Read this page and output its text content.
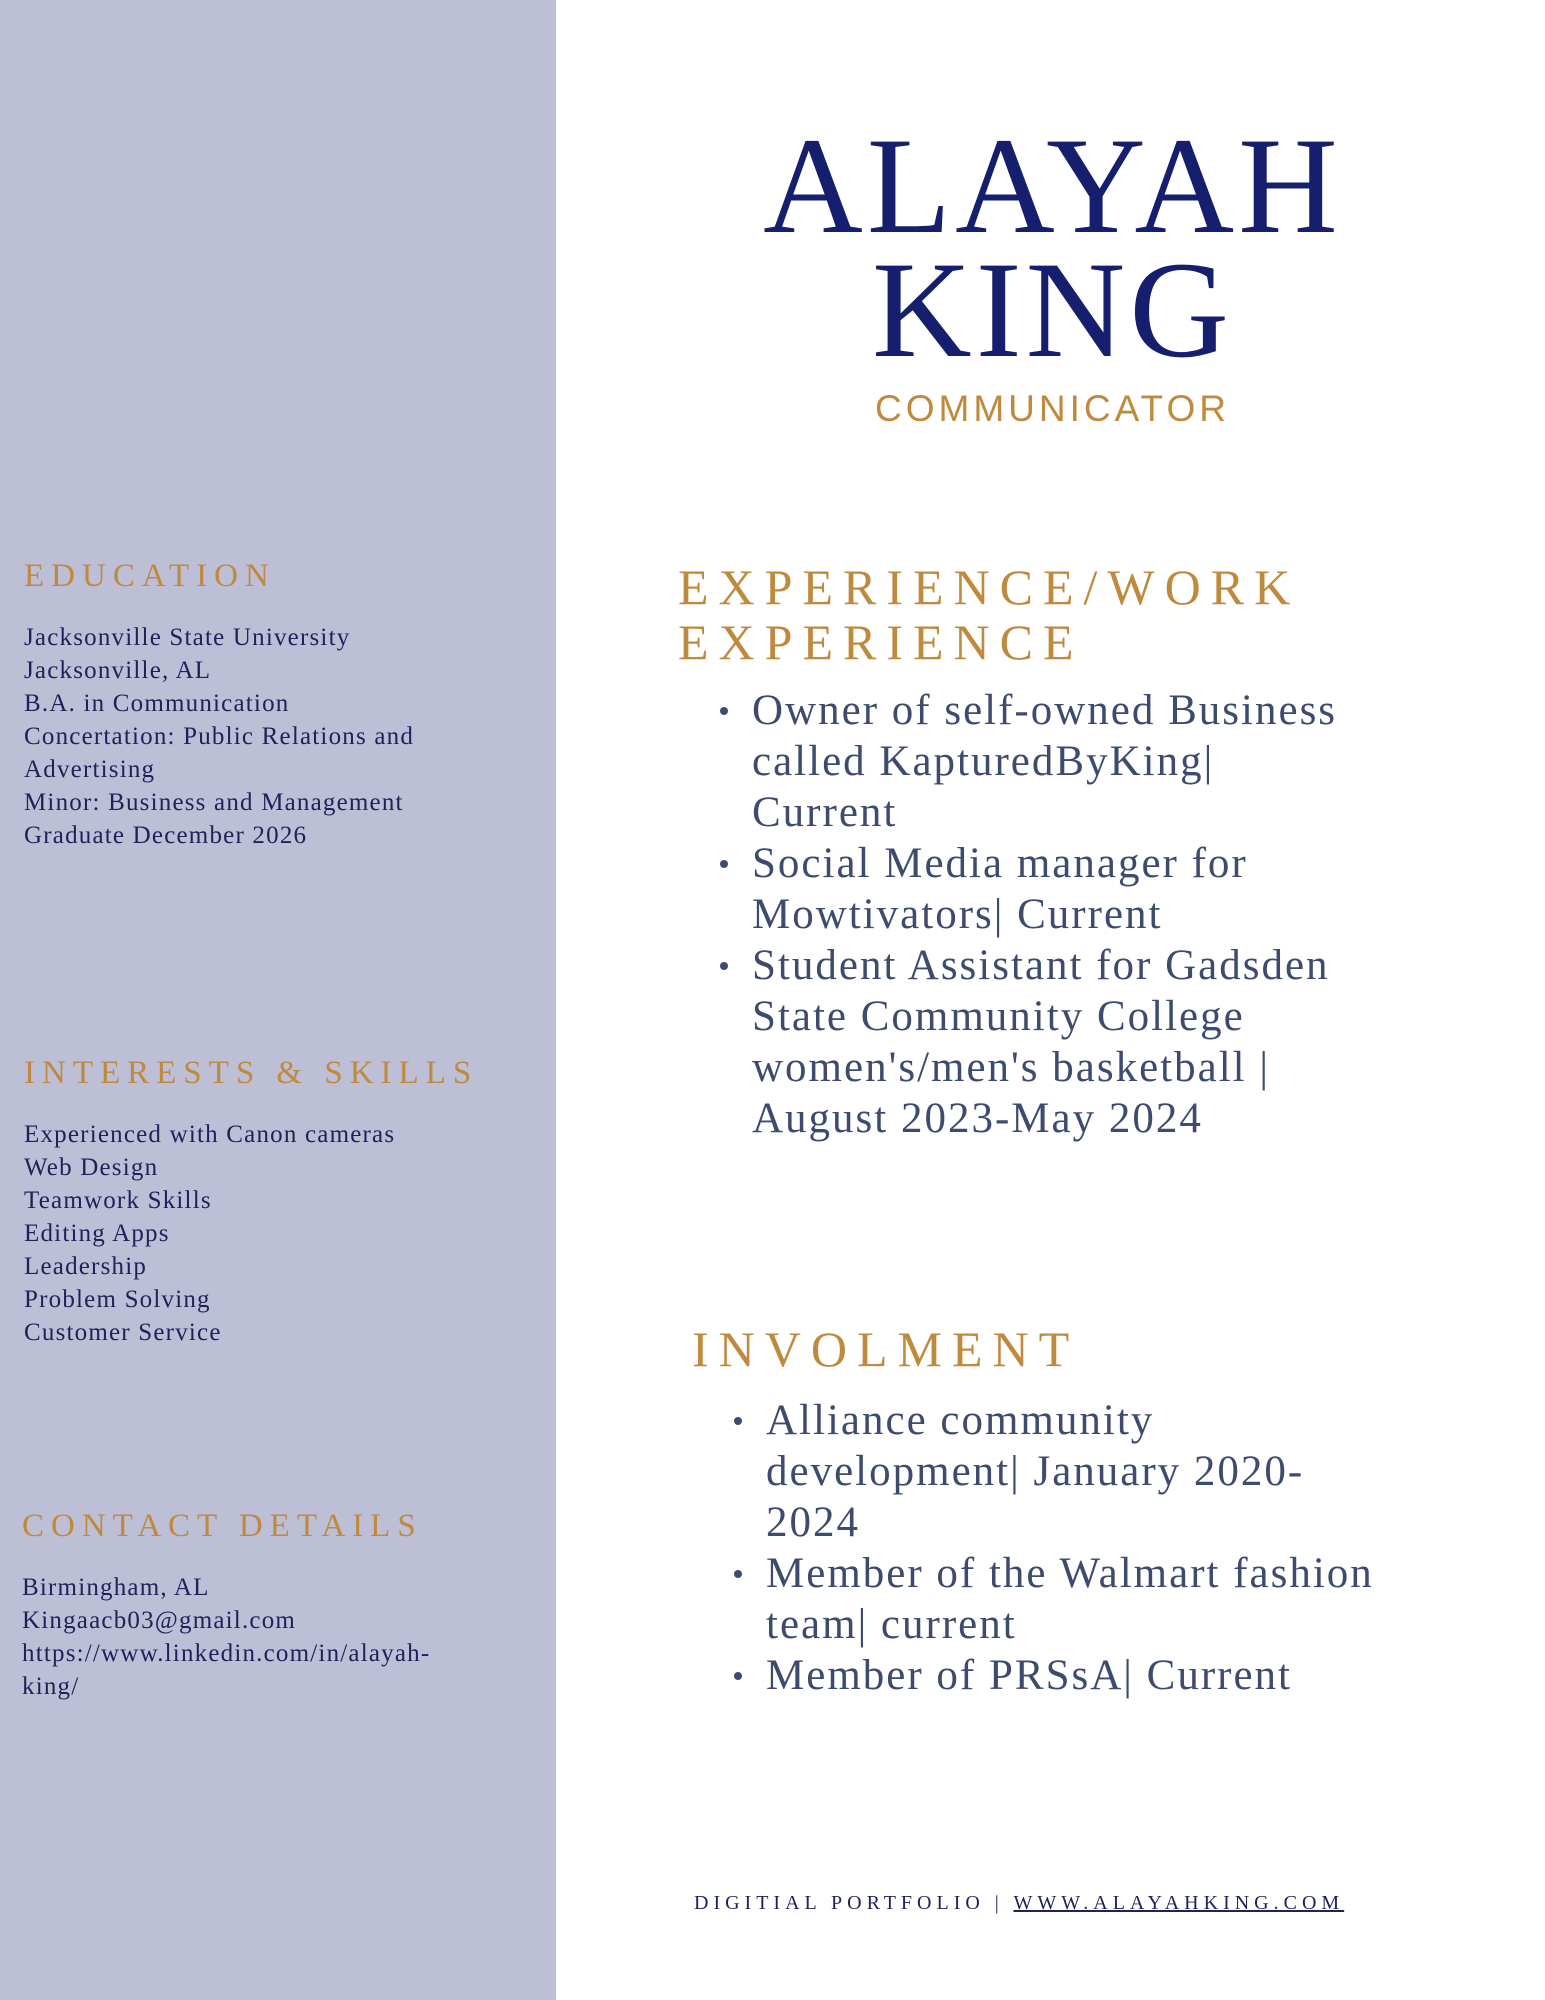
EDUCATION
Jacksonville State University
Jacksonville, AL
B.A. in Communication
Concertation: Public Relations and
Advertising
Minor: Business and Management
Graduate December 2026
INTERESTS & SKILLS
Experienced with Canon cameras
Web Design
Teamwork Skills
Editing Apps
Leadership
Problem Solving
Customer Service
CONTACT DETAILS
Birmingham, AL
Kingaacb03@gmail.com
https://www.linkedin.com/in/alayah-
king/
ALAYAH
KING
COMMUNICATOR
EXPERIENCE/WORK
EXPERIENCE
Owner of self-owned Business
called KapturedByKing|
Current
Social Media manager for
Mowtivators| Current
Student Assistant for Gadsden
State Community College
women's/men's basketball |
August 2023-May 2024
INVOLMENT
Alliance community
development| January 2020-
2024
Member of the Walmart fashion
team| current
Member of PRSsA| Current
DIGITIAL PORTFOLIO | WWW.ALAYAHKING.COM
